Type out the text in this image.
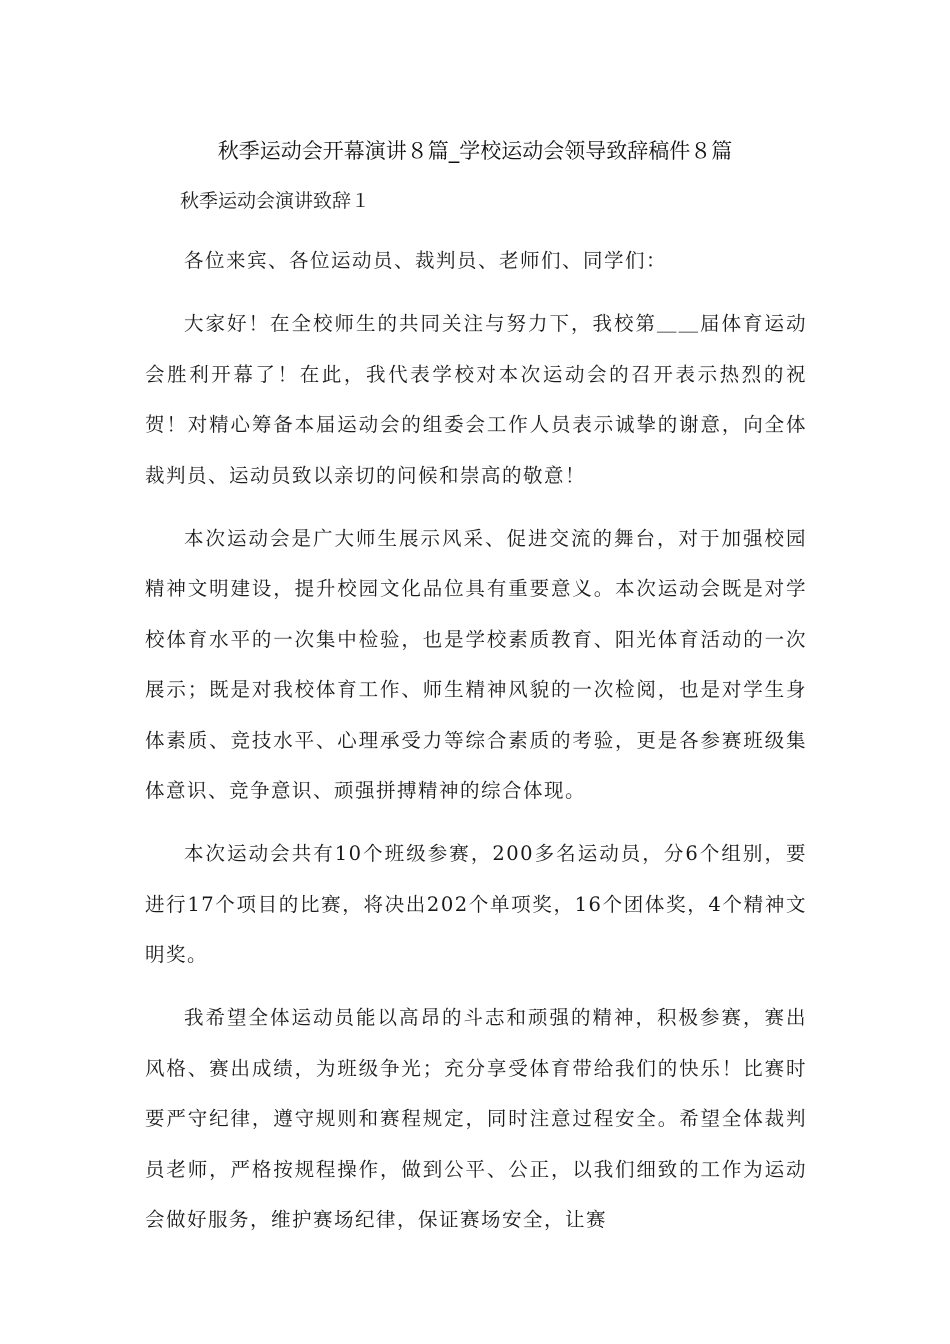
秋季运动会开幕演讲８篇_学校运动会领导致辞稿件８篇
秋季运动会演讲致辞１

各位来宾、各位运动员、裁判员、老师们、同学们：

大家好！在全校师生的共同关注与努力下，我校第＿＿届体育运动会胜利开幕了！在此，我代表学校对本次运动会的召开表示热烈的祝贺！对精心筹备本届运动会的组委会工作人员表示诚挚的谢意，向全体裁判员、运动员致以亲切的问候和崇高的敬意！

本次运动会是广大师生展示风采、促进交流的舞台，对于加强校园精神文明建设，提升校园文化品位具有重要意义。本次运动会既是对学校体育水平的一次集中检验，也是学校素质教育、阳光体育活动的一次展示；既是对我校体育工作、师生精神风貌的一次检阅，也是对学生身体素质、竞技水平、心理承受力等综合素质的考验，更是各参赛班级集体意识、竞争意识、顽强拼搏精神的综合体现。

本次运动会共有10个班级参赛，200多名运动员，分6个组别，要进行17个项目的比赛，将决出202个单项奖，16个团体奖，4个精神文明奖。

我希望全体运动员能以高昂的斗志和顽强的精神，积极参赛，赛出风格、赛出成绩，为班级争光；充分享受体育带给我们的快乐！比赛时要严守纪律，遵守规则和赛程规定，同时注意过程安全。希望全体裁判员老师，严格按规程操作，做到公平、公正，以我们细致的工作为运动会做好服务，维护赛场纪律，保证赛场安全，让赛
